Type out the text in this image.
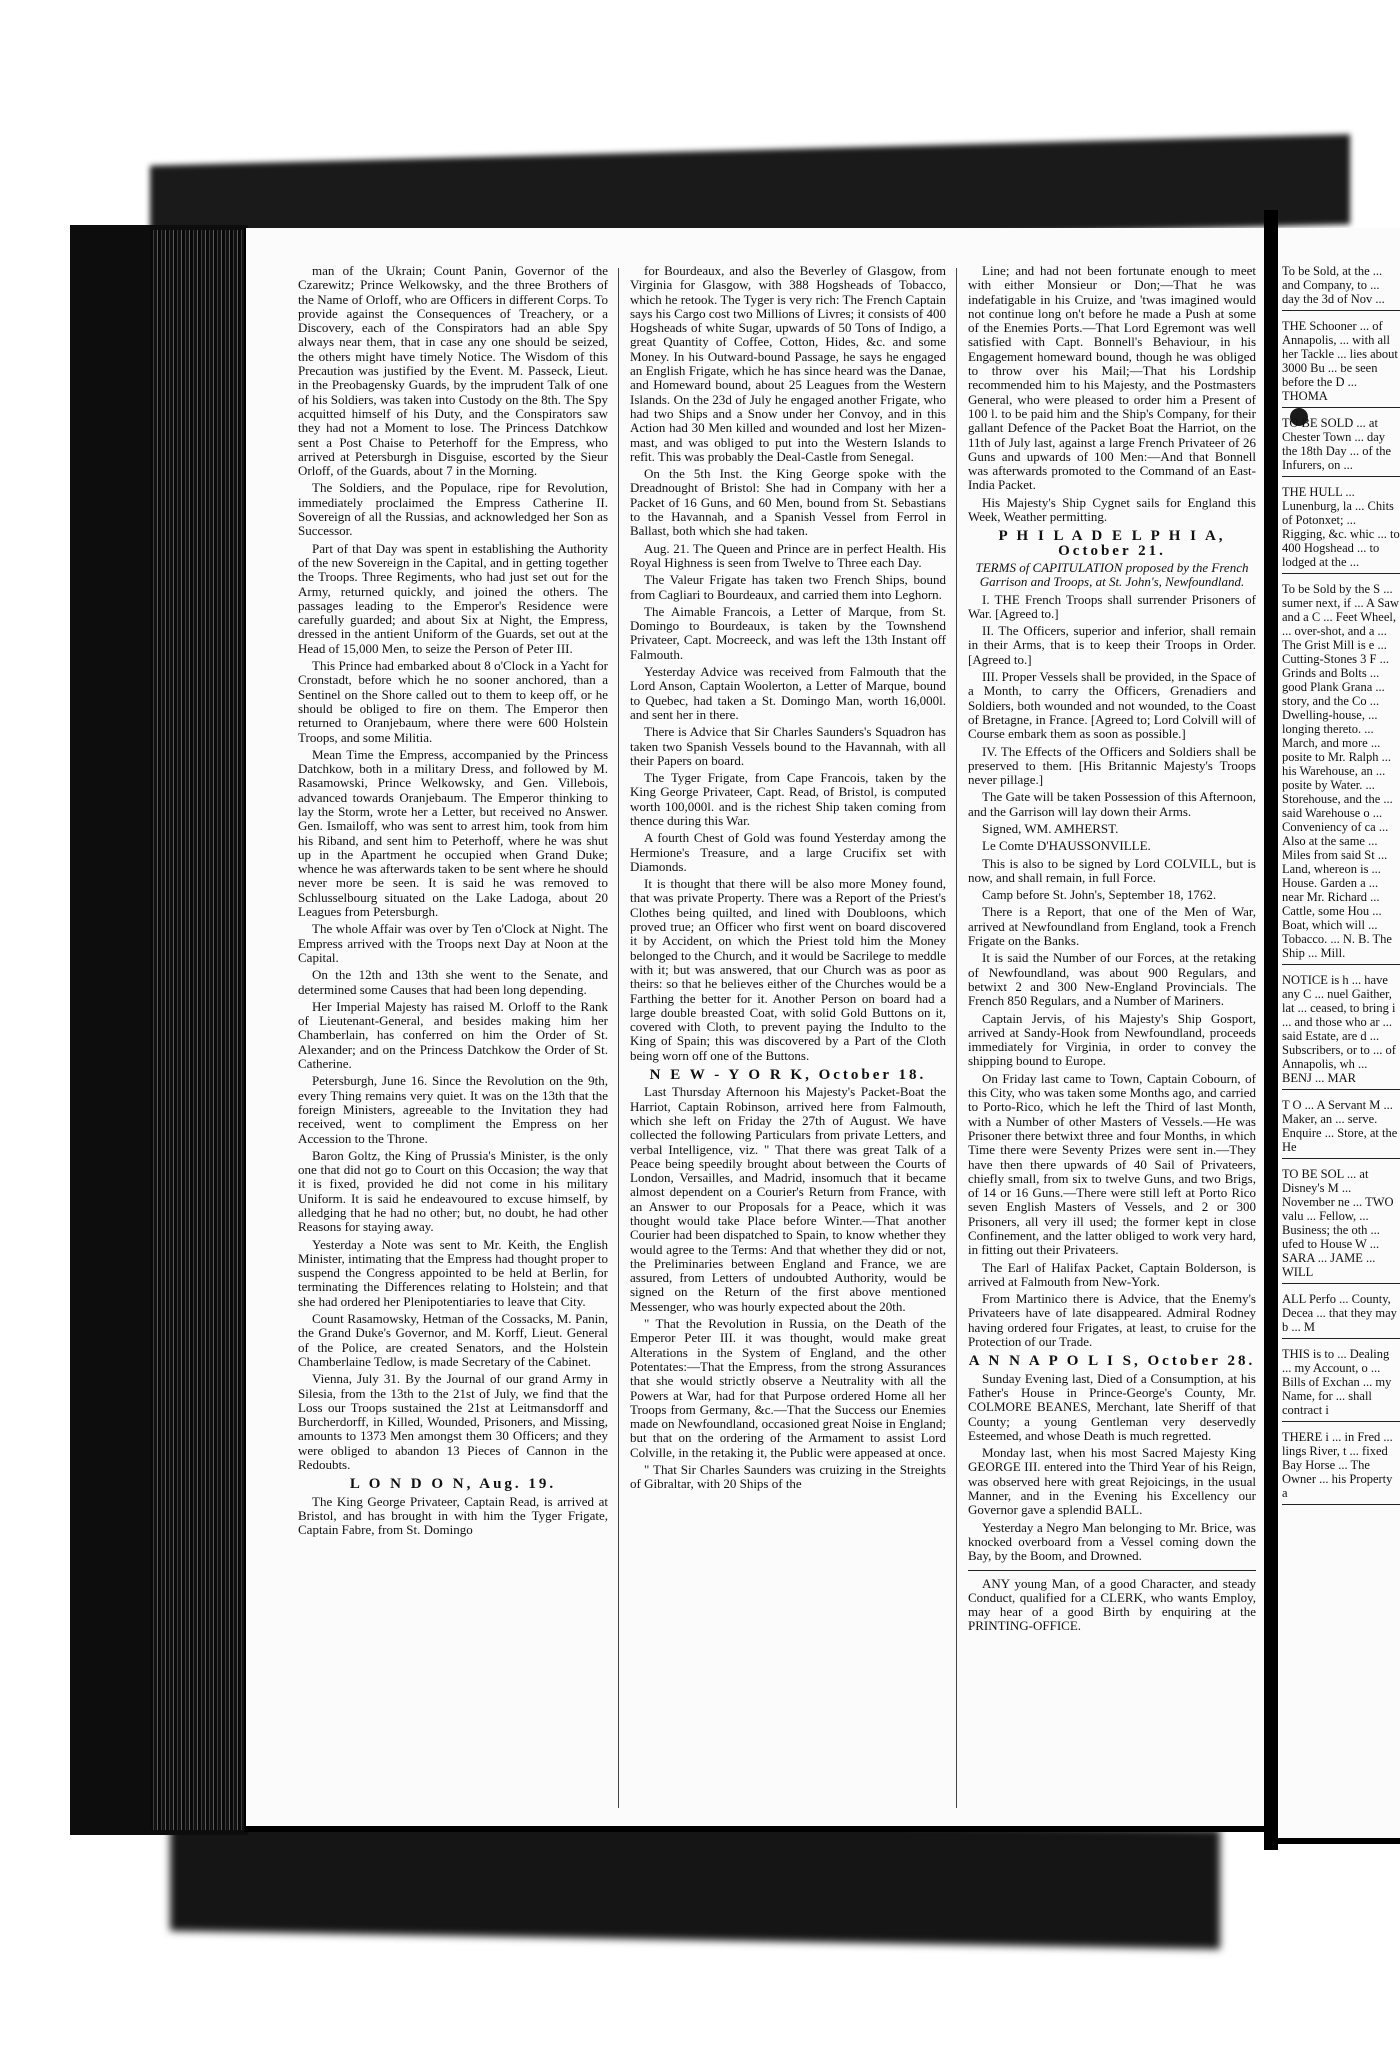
man of the Ukrain; Count Panin, Governor of the Czarewitz; Prince Welkowsky, and the three Brothers of the Name of Orloff, who are Officers in different Corps. To provide against the Consequences of Treachery, or a Discovery, each of the Conspirators had an able Spy always near them, that in case any one should be seized, the others might have timely Notice. The Wisdom of this Precaution was justified by the Event. M. Passeck, Lieut. in the Preobagensky Guards, by the imprudent Talk of one of his Soldiers, was taken into Custody on the 8th. The Spy acquitted himself of his Duty, and the Conspirators saw they had not a Moment to lose. The Princess Datchkow sent a Post Chaise to Peterhoff for the Empress, who arrived at Petersburgh in Disguise, escorted by the Sieur Orloff, of the Guards, about 7 in the Morning.

The Soldiers, and the Populace, ripe for Revolution, immediately proclaimed the Empress Catherine II. Sovereign of all the Russias, and acknowledged her Son as Successor.

Part of that Day was spent in establishing the Authority of the new Sovereign in the Capital, and in getting together the Troops. Three Regiments, who had just set out for the Army, returned quickly, and joined the others. The passages leading to the Emperor's Residence were carefully guarded; and about Six at Night, the Empress, dressed in the antient Uniform of the Guards, set out at the Head of 15,000 Men, to seize the Person of Peter III.

This Prince had embarked about 8 o'Clock in a Yacht for Cronstadt, before which he no sooner anchored, than a Sentinel on the Shore called out to them to keep off, or he should be obliged to fire on them. The Emperor then returned to Oranjebaum, where there were 600 Holstein Troops, and some Militia.

Mean Time the Empress, accompanied by the Princess Datchkow, both in a military Dress, and followed by M. Rasamowski, Prince Welkowsky, and Gen. Villebois, advanced towards Oranjebaum. The Emperor thinking to lay the Storm, wrote her a Letter, but received no Answer. Gen. Ismailoff, who was sent to arrest him, took from him his Riband, and sent him to Peterhoff, where he was shut up in the Apartment he occupied when Grand Duke; whence he was afterwards taken to be sent where he should never more be seen. It is said he was removed to Schlusselbourg situated on the Lake Ladoga, about 20 Leagues from Petersburgh.

The whole Affair was over by Ten o'Clock at Night. The Empress arrived with the Troops next Day at Noon at the Capital.

On the 12th and 13th she went to the Senate, and determined some Causes that had been long depending.

Her Imperial Majesty has raised M. Orloff to the Rank of Lieutenant-General, and besides making him her Chamberlain, has conferred on him the Order of St. Alexander; and on the Princess Datchkow the Order of St. Catherine.

Petersburgh, June 16. Since the Revolution on the 9th, every Thing remains very quiet. It was on the 13th that the foreign Ministers, agreeable to the Invitation they had received, went to compliment the Empress on her Accession to the Throne.

Baron Goltz, the King of Prussia's Minister, is the only one that did not go to Court on this Occasion; the way that it is fixed, provided he did not come in his military Uniform. It is said he endeavoured to excuse himself, by alledging that he had no other; but, no doubt, he had other Reasons for staying away.

Yesterday a Note was sent to Mr. Keith, the English Minister, intimating that the Empress had thought proper to suspend the Congress appointed to be held at Berlin, for terminating the Differences relating to Holstein; and that she had ordered her Plenipotentiaries to leave that City.

Count Rasamowsky, Hetman of the Cossacks, M. Panin, the Grand Duke's Governor, and M. Korff, Lieut. General of the Police, are created Senators, and the Holstein Chamberlaine Tedlow, is made Secretary of the Cabinet.

Vienna, July 31. By the Journal of our grand Army in Silesia, from the 13th to the 21st of July, we find that the Loss our Troops sustained the 21st at Leitmansdorff and Burcherdorff, in Killed, Wounded, Prisoners, and Missing, amounts to 1373 Men amongst them 30 Officers; and they were obliged to abandon 13 Pieces of Cannon in the Redoubts.

L O N D O N, Aug. 19.

The King George Privateer, Captain Read, is arrived at Bristol, and has brought in with him the Tyger Frigate, Captain Fabre, from St. Domingo

for Bourdeaux, and also the Beverley of Glasgow, from Virginia for Glasgow, with 388 Hogsheads of Tobacco, which he retook. The Tyger is very rich: The French Captain says his Cargo cost two Millions of Livres; it consists of 400 Hogsheads of white Sugar, upwards of 50 Tons of Indigo, a great Quantity of Coffee, Cotton, Hides, &c. and some Money. In his Outward-bound Passage, he says he engaged an English Frigate, which he has since heard was the Danae, and Homeward bound, about 25 Leagues from the Western Islands. On the 23d of July he engaged another Frigate, who had two Ships and a Snow under her Convoy, and in this Action had 30 Men killed and wounded and lost her Mizen-mast, and was obliged to put into the Western Islands to refit. This was probably the Deal-Castle from Senegal.

On the 5th Inst. the King George spoke with the Dreadnought of Bristol: She had in Company with her a Packet of 16 Guns, and 60 Men, bound from St. Sebastians to the Havannah, and a Spanish Vessel from Ferrol in Ballast, both which she had taken.

Aug. 21. The Queen and Prince are in perfect Health. His Royal Highness is seen from Twelve to Three each Day.

The Valeur Frigate has taken two French Ships, bound from Cagliari to Bourdeaux, and carried them into Leghorn.

The Aimable Francois, a Letter of Marque, from St. Domingo to Bourdeaux, is taken by the Townshend Privateer, Capt. Mocreeck, and was left the 13th Instant off Falmouth.

Yesterday Advice was received from Falmouth that the Lord Anson, Captain Woolerton, a Letter of Marque, bound to Quebec, had taken a St. Domingo Man, worth 16,000l. and sent her in there.

There is Advice that Sir Charles Saunders's Squadron has taken two Spanish Vessels bound to the Havannah, with all their Papers on board.

The Tyger Frigate, from Cape Francois, taken by the King George Privateer, Capt. Read, of Bristol, is computed worth 100,000l. and is the richest Ship taken coming from thence during this War.

A fourth Chest of Gold was found Yesterday among the Hermione's Treasure, and a large Crucifix set with Diamonds.

It is thought that there will be also more Money found, that was private Property. There was a Report of the Priest's Clothes being quilted, and lined with Doubloons, which proved true; an Officer who first went on board discovered it by Accident, on which the Priest told him the Money belonged to the Church, and it would be Sacrilege to meddle with it; but was answered, that our Church was as poor as theirs: so that he believes either of the Churches would be a Farthing the better for it. Another Person on board had a large double breasted Coat, with solid Gold Buttons on it, covered with Cloth, to prevent paying the Indulto to the King of Spain; this was discovered by a Part of the Cloth being worn off one of the Buttons.

N E W - Y O R K, October 18.

Last Thursday Afternoon his Majesty's Packet-Boat the Harriot, Captain Robinson, arrived here from Falmouth, which she left on Friday the 27th of August. We have collected the following Particulars from private Letters, and verbal Intelligence, viz. " That there was great Talk of a Peace being speedily brought about between the Courts of London, Versailles, and Madrid, insomuch that it became almost dependent on a Courier's Return from France, with an Answer to our Proposals for a Peace, which it was thought would take Place before Winter.—That another Courier had been dispatched to Spain, to know whether they would agree to the Terms: And that whether they did or not, the Preliminaries between England and France, we are assured, from Letters of undoubted Authority, would be signed on the Return of the first above mentioned Messenger, who was hourly expected about the 20th.

" That the Revolution in Russia, on the Death of the Emperor Peter III. it was thought, would make great Alterations in the System of England, and the other Potentates:—That the Empress, from the strong Assurances that she would strictly observe a Neutrality with all the Powers at War, had for that Purpose ordered Home all her Troops from Germany, &c.—That the Success our Enemies made on Newfoundland, occasioned great Noise in England; but that on the ordering of the Armament to assist Lord Colville, in the retaking it, the Public were appeased at once.

" That Sir Charles Saunders was cruizing in the Streights of Gibraltar, with 20 Ships of the

Line; and had not been fortunate enough to meet with either Monsieur or Don;—That he was indefatigable in his Cruize, and 'twas imagined would not continue long on't before he made a Push at some of the Enemies Ports.—That Lord Egremont was well satisfied with Capt. Bonnell's Behaviour, in his Engagement homeward bound, though he was obliged to throw over his Mail;—That his Lordship recommended him to his Majesty, and the Postmasters General, who were pleased to order him a Present of 100 l. to be paid him and the Ship's Company, for their gallant Defence of the Packet Boat the Harriot, on the 11th of July last, against a large French Privateer of 26 Guns and upwards of 100 Men:—And that Bonnell was afterwards promoted to the Command of an East-India Packet.

His Majesty's Ship Cygnet sails for England this Week, Weather permitting.

P H I L A D E L P H I A, October 21.

TERMS of CAPITULATION proposed by the French Garrison and Troops, at St. John's, Newfoundland.

I. THE French Troops shall surrender Prisoners of War. [Agreed to.]

II. The Officers, superior and inferior, shall remain in their Arms, that is to keep their Troops in Order. [Agreed to.]

III. Proper Vessels shall be provided, in the Space of a Month, to carry the Officers, Grenadiers and Soldiers, both wounded and not wounded, to the Coast of Bretagne, in France. [Agreed to; Lord Colvill will of Course embark them as soon as possible.]

IV. The Effects of the Officers and Soldiers shall be preserved to them. [His Britannic Majesty's Troops never pillage.]

The Gate will be taken Possession of this Afternoon, and the Garrison will lay down their Arms.

Signed, WM. AMHERST.

Le Comte D'HAUSSONVILLE.

This is also to be signed by Lord COLVILL, but is now, and shall remain, in full Force.

Camp before St. John's, September 18, 1762.

There is a Report, that one of the Men of War, arrived at Newfoundland from England, took a French Frigate on the Banks.

It is said the Number of our Forces, at the retaking of Newfoundland, was about 900 Regulars, and betwixt 2 and 300 New-England Provincials. The French 850 Regulars, and a Number of Mariners.

Captain Jervis, of his Majesty's Ship Gosport, arrived at Sandy-Hook from Newfoundland, proceeds immediately for Virginia, in order to convey the shipping bound to Europe.

On Friday last came to Town, Captain Cobourn, of this City, who was taken some Months ago, and carried to Porto-Rico, which he left the Third of last Month, with a Number of other Masters of Vessels.—He was Prisoner there betwixt three and four Months, in which Time there were Seventy Prizes were sent in.—They have then there upwards of 40 Sail of Privateers, chiefly small, from six to twelve Guns, and two Brigs, of 14 or 16 Guns.—There were still left at Porto Rico seven English Masters of Vessels, and 2 or 300 Prisoners, all very ill used; the former kept in close Confinement, and the latter obliged to work very hard, in fitting out their Privateers.

The Earl of Halifax Packet, Captain Bolderson, is arrived at Falmouth from New-York.

From Martinico there is Advice, that the Enemy's Privateers have of late disappeared. Admiral Rodney having ordered four Frigates, at least, to cruise for the Protection of our Trade.

A N N A P O L I S, October 28.

Sunday Evening last, Died of a Consumption, at his Father's House in Prince-George's County, Mr. COLMORE BEANES, Merchant, late Sheriff of that County; a young Gentleman very deservedly Esteemed, and whose Death is much regretted.

Monday last, when his most Sacred Majesty King GEORGE III. entered into the Third Year of his Reign, was observed here with great Rejoicings, in the usual Manner, and in the Evening his Excellency our Governor gave a splendid BALL.

Yesterday a Negro Man belonging to Mr. Brice, was knocked overboard from a Vessel coming down the Bay, by the Boom, and Drowned.

ANY young Man, of a good Character, and steady Conduct, qualified for a CLERK, who wants Employ, may hear of a good Birth by enquiring at the PRINTING-OFFICE.

To be Sold, at the ... and Company, to ... day the 3d of Nov ...

THE Schooner ... of Annapolis, ... with all her Tackle ... lies about 3000 Bu ... be seen before the D ... THOMA

TO BE SOLD ... at Chester Town ... day the 18th Day ... of the Infurers, on ...

THE HULL ... Lunenburg, la ... Chits of Potonxet; ... Rigging, &c. whic ... to 400 Hogshead ... to lodged at the ...

To be Sold by the S ... sumer next, if ... A Saw and a C ... Feet Wheel, ... over-shot, and a ... The Grist Mill is e ... Cutting-Stones 3 F ... Grinds and Bolts ... good Plank Grana ... story, and the Co ... Dwelling-house, ... longing thereto. ... March, and more ... posite to Mr. Ralph ... his Warehouse, an ... posite by Water. ... Storehouse, and the ... said Warehouse o ... Conveniency of ca ... Also at the same ... Miles from said St ... Land, whereon is ... House. Garden a ... near Mr. Richard ... Cattle, some Hou ... Boat, which will ... Tobacco. ... N. B. The Ship ... Mill.

NOTICE is h ... have any C ... nuel Gaither, lat ... ceased, to bring i ... and those who ar ... said Estate, are d ... Subscribers, or to ... of Annapolis, wh ... BENJ ... MAR

T O ... A Servant M ... Maker, an ... serve. Enquire ... Store, at the He

TO BE SOL ... at Disney's M ... November ne ... TWO valu ... Fellow, ... Business; the oth ... ufed to House W ... SARA ... JAME ... WILL

ALL Perfo ... County, Decea ... that they may b ... M

THIS is to ... Dealing ... my Account, o ... Bills of Exchan ... my Name, for ... shall contract i

THERE i ... in Fred ... lings River, t ... fixed Bay Horse ... The Owner ... his Property a
